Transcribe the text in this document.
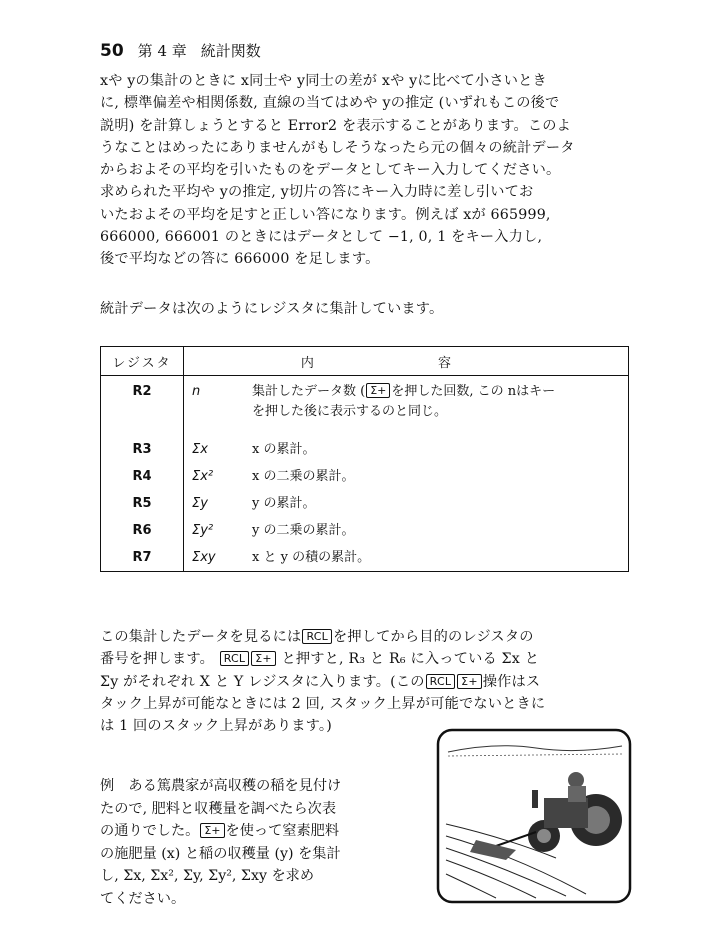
50 第 4 章 統計関数
xや yの集計のときに x同士や y同士の差が xや yに比べて小さいとき
に, 標準偏差や相関係数, 直線の当てはめや yの推定 (いずれもこの後で
説明) を計算しょうとすると Error2 を表示することがあります。このよ
うなことはめったにありませんがもしそうなったら元の個々の統計データ
からおよその平均を引いたものをデータとしてキー入力してください。
求められた平均や yの推定, y切片の答にキー入力時に差し引いてお
いたおよその平均を足すと正しい答になります。例えば xが 665999,
666000, 666001 のときにはデータとして −1, 0, 1 をキー入力し,
後で平均などの答に 666000 を足します。
統計データは次のようにレジスタに集計しています。
レジスタ	内 容	
R2	n	集計したデータ数 ( Σ+ を押した回数, この nはキー
を押した後に表示するのと同じ。
R3	Σx	x の累計。
R4	Σx²	x の二乗の累計。
R5	Σy	y の累計。
R6	Σy²	y の二乗の累計。
R7	Σxy	x と y の積の累計。
この集計したデータを見るには RCL を押してから目的のレジスタの
番号を押します。 RCL Σ+ と押すと, R₃ と R₆ に入っている Σx と
Σy がそれぞれ X と Y レジスタに入ります。(この RCL Σ+ 操作はス
タック上昇が可能なときには 2 回, スタック上昇が可能でないときに
は 1 回のスタック上昇があります。)
例　ある篤農家が高収穫の稲を見付け
たので, 肥料と収穫量を調べたら次表
の通りでした。 Σ+ を使って窒素肥料
の施肥量 (x) と稲の収穫量 (y) を集計
し, Σx, Σx², Σy, Σy², Σxy を求め
てください。
